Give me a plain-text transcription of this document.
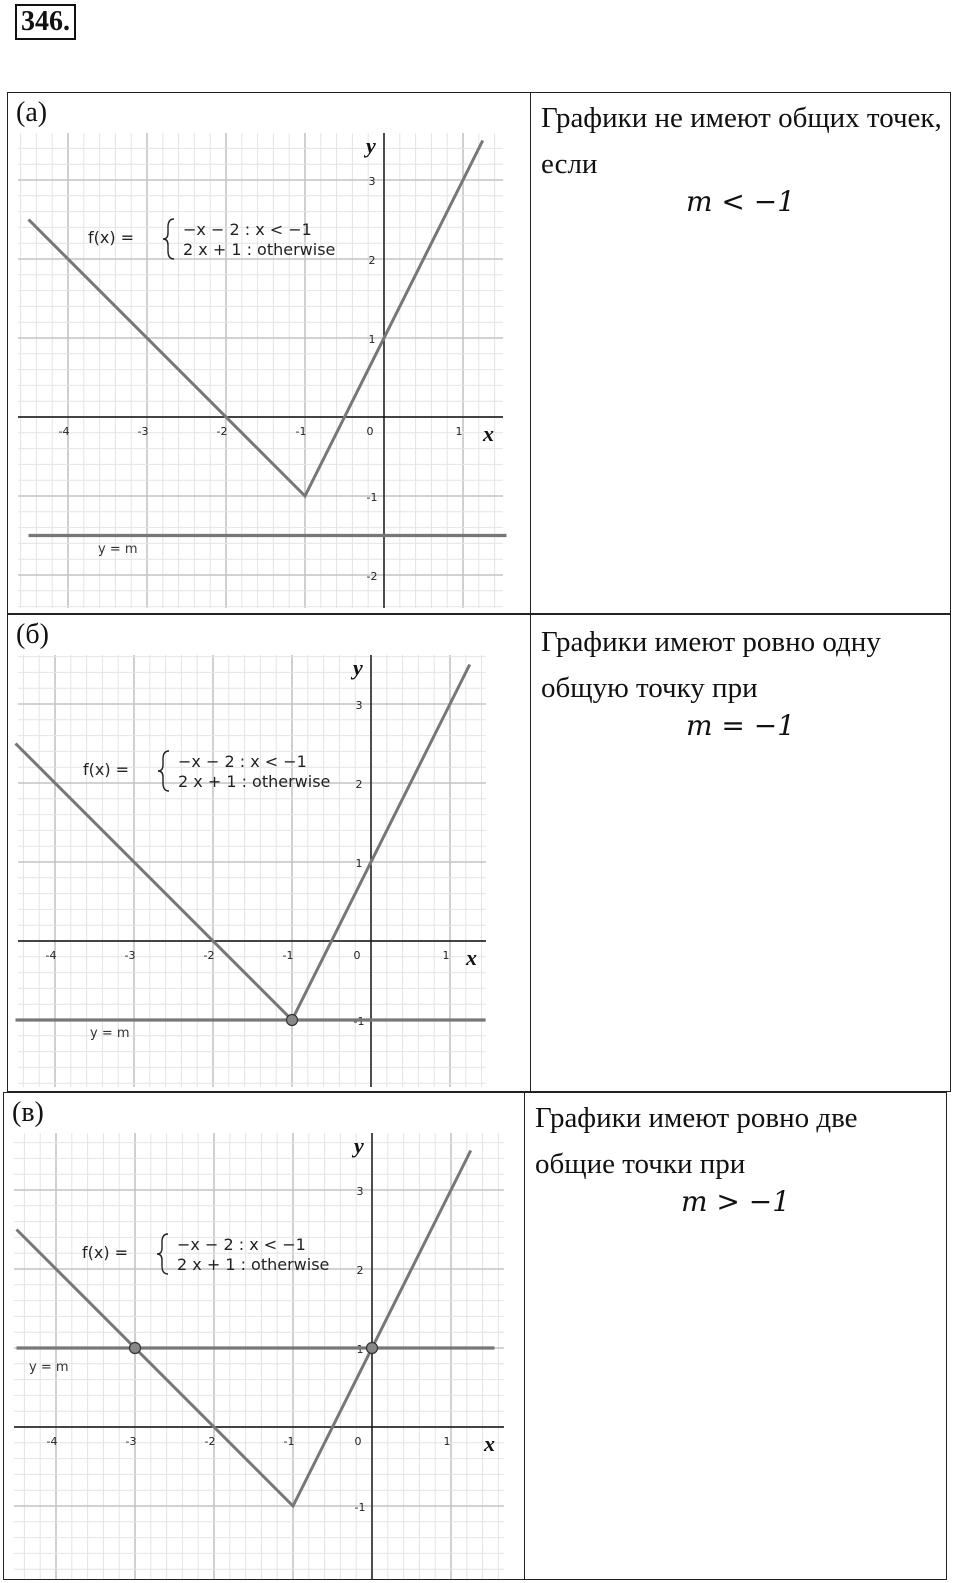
346.
y
x
-4	-3	-2	-1	0	1
-2
-1
1
2
3
f(x) =	−x − 2 : x < −1
2 x + 1 : otherwise
y = m
(а)	Графики не имеют общих точек, если
m < −1
y
x
-4	-3	-2	-1	0	1
-1
1
2
3
f(x) =	−x − 2 : x < −1
2 x + 1 : otherwise
y = m
(б)	Графики имеют ровно одну общую точку при
m = −1
y
x
-4	-3	-2	-1	0	1
-1
1
2
3
f(x) =	−x − 2 : x < −1
2 x + 1 : otherwise
y = m
(в)	Графики имеют ровно две общие точки при
m > −1
